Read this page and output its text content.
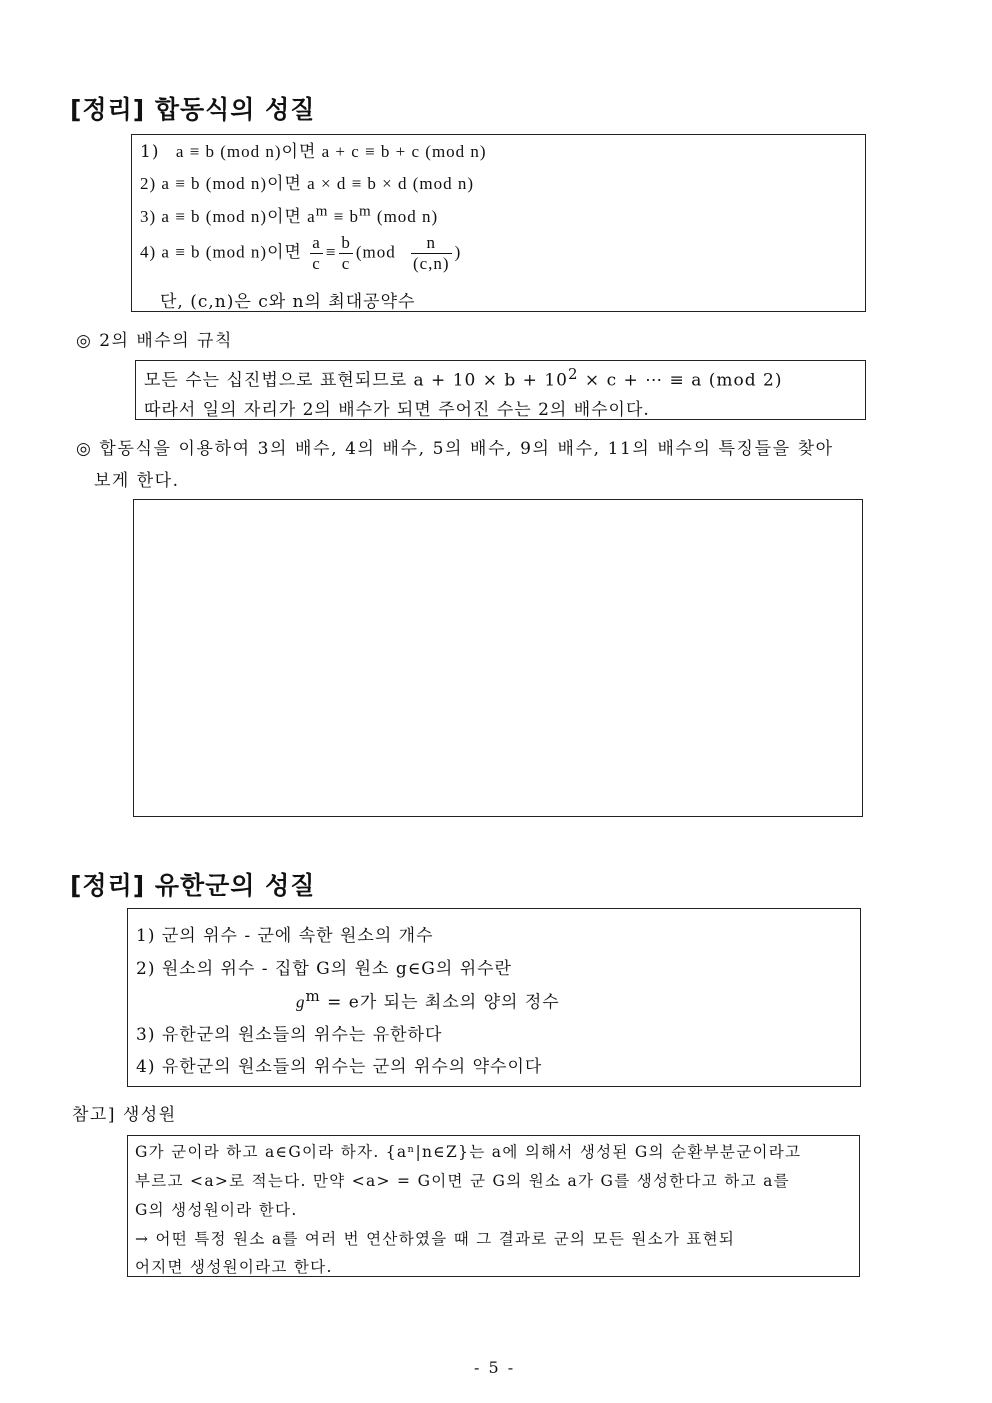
[정리] 합동식의 성질
1) a ≡ b (mod n)이면 a + c ≡ b + c (mod n)
2) a ≡ b (mod n)이면 a × d ≡ b × d (mod n)
3) a ≡ b (mod n)이면 $a^m \equiv b^m$ (mod n)
4) a ≡ b (mod n)이면 $\frac{a}{c} \equiv \frac{b}{c} (mod \frac{n}{(c,n)}$ )
단, (c,n)은 c와 n의 최대공약수
◎ 2의 배수의 규칙
모든 수는 십진법으로 표현되므로 $a + 10 \times b + 10^2 \times c$ + ⋯ ≡ a (mod 2)
따라서 일의 자리가 2의 배수가 되면 주어진 수는 2의 배수이다.
◎ 합동식을 이용하여 3의 배수, 4의 배수, 5의 배수, 9의 배수, 11의 배수의 특징들을 찾아
보게 한다.
[정리] 유한군의 성질
1) 군의 위수 - 군에 속한 원소의 개수
2) 원소의 위수 - 집합 G의 원소 g∈G의 위수란
$g^m = e$가 되는 최소의 양의 정수
3) 유한군의 원소들의 위수는 유한하다
4) 유한군의 원소들의 위수는 군의 위수의 약수이다
참고] 생성원
G가 군이라 하고 a∈G이라 하자. {aⁿ|n∈Z}는 a에 의해서 생성된 G의 순환부분군이라고
부르고 <a>로 적는다. 만약 <a> = G이면 군 G의 원소 a가 G를 생성한다고 하고 a를
G의 생성원이라 한다.
→ 어떤 특정 원소 a를 여러 번 연산하였을 때 그 결과로 군의 모든 원소가 표현되
어지면 생성원이라고 한다.
- 5 -
